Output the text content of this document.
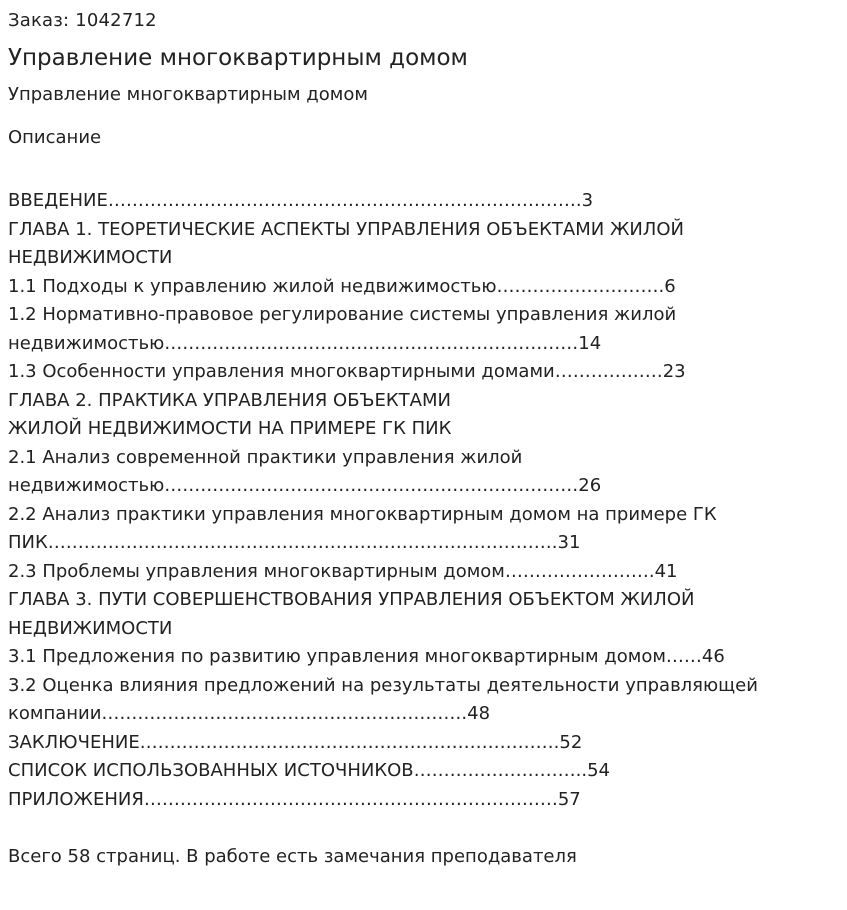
Заказ: 1042712

Управление многоквартирным домом

Управление многоквартирным домом

Описание

ВВЕДЕНИЕ…………………………………………………………………….3
ГЛАВА 1. ТЕОРЕТИЧЕСКИЕ АСПЕКТЫ УПРАВЛЕНИЯ ОБЪЕКТАМИ ЖИЛОЙ
НЕДВИЖИМОСТИ
1.1 Подходы к управлению жилой недвижимостью……………………….6
1.2 Нормативно-правовое регулирование системы управления жилой
недвижимостью……………………………………………………………14
1.3 Особенности управления многоквартирными домами………………23
ГЛАВА 2. ПРАКТИКА УПРАВЛЕНИЯ ОБЪЕКТАМИ
ЖИЛОЙ НЕДВИЖИМОСТИ НА ПРИМЕРЕ ГК ПИК
2.1 Анализ современной практики управления жилой
недвижимостью……………………………………………………………26
2.2 Анализ практики управления многоквартирным домом на примере ГК
ПИК………………………………………………………………………….31
2.3 Проблемы управления многоквартирным домом…………………….41
ГЛАВА 3. ПУТИ СОВЕРШЕНСТВОВАНИЯ УПРАВЛЕНИЯ ОБЪЕКТОМ ЖИЛОЙ
НЕДВИЖИМОСТИ
3.1 Предложения по развитию управления многоквартирным домом……46
3.2 Оценка влияния предложений на результаты деятельности управляющей
компании…………………………………………………….48
ЗАКЛЮЧЕНИЕ…………………………………………………………….52
СПИСОК ИСПОЛЬЗОВАННЫХ ИСТОЧНИКОВ………………………..54
ПРИЛОЖЕНИЯ……………………………………………………………57

Всего 58 страниц. В работе есть замечания преподавателя
